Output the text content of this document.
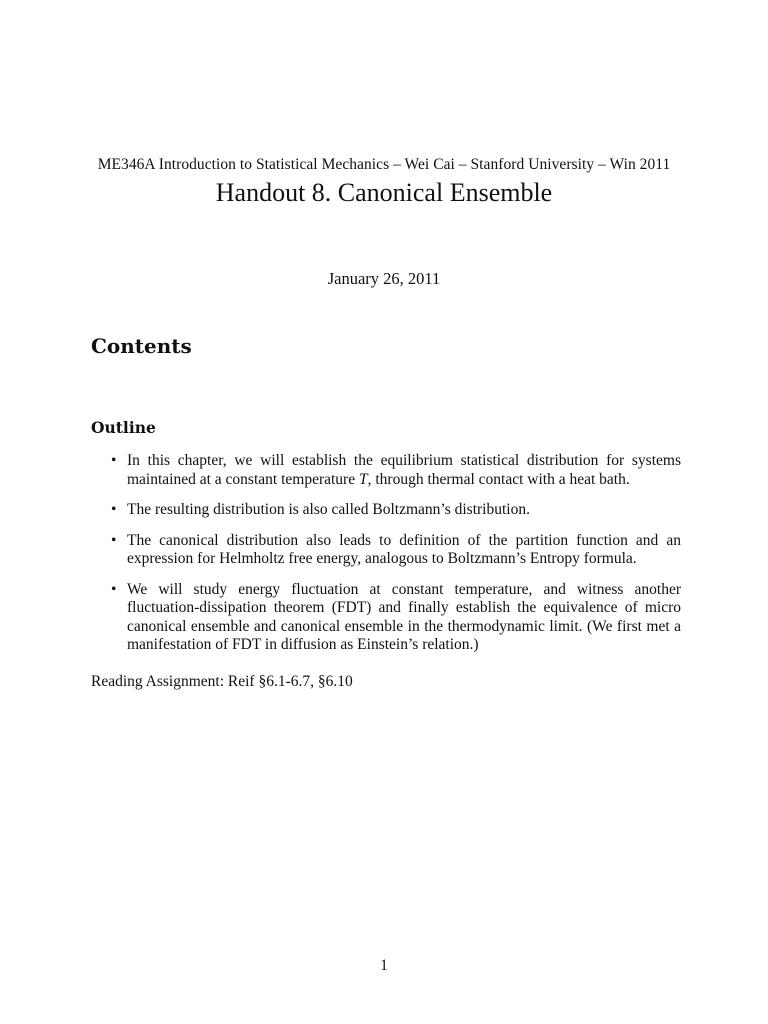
ME346A Introduction to Statistical Mechanics – Wei Cai – Stanford University – Win 2011
Handout 8. Canonical Ensemble
January 26, 2011
Contents
Outline
• In this chapter, we will establish the equilibrium statistical distribution for systems maintained at a constant temperature T, through thermal contact with a heat bath.
• The resulting distribution is also called Boltzmann’s distribution.
• The canonical distribution also leads to definition of the partition function and an expression for Helmholtz free energy, analogous to Boltzmann’s Entropy formula.
• We will study energy fluctuation at constant temperature, and witness another fluctuation-dissipation theorem (FDT) and finally establish the equivalence of micro canonical ensemble and canonical ensemble in the thermodynamic limit. (We first met a manifestation of FDT in diffusion as Einstein’s relation.)
Reading Assignment: Reif §6.1-6.7, §6.10
1
